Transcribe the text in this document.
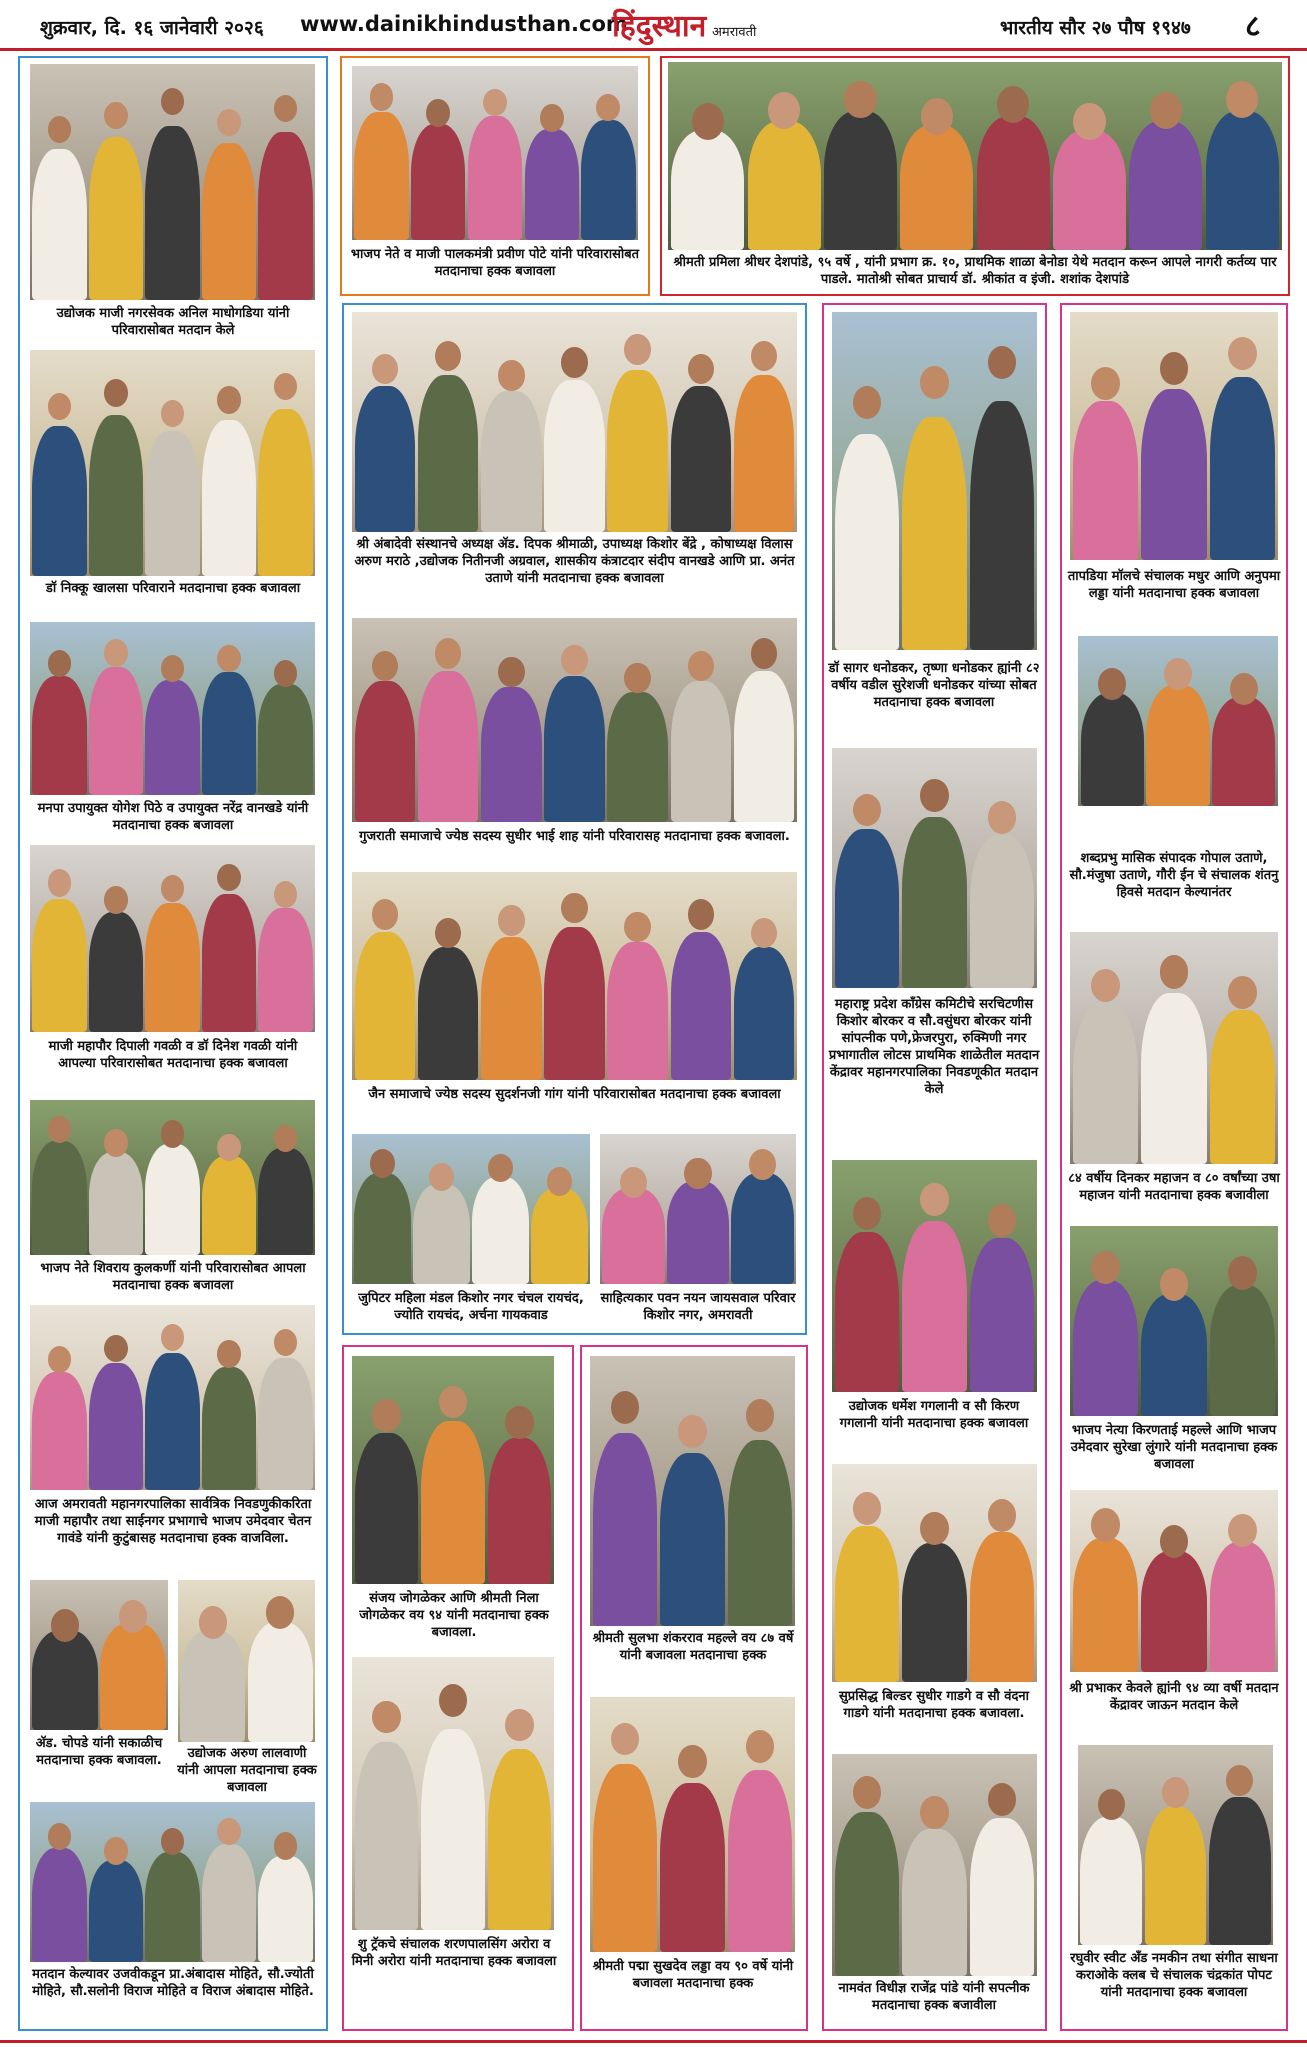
शुक्रवार, दि. १६ जानेवारी २०२६ www.dainikhindusthan.com
हिंदुस्थान अमरावती	भारतीय सौर २७ पौष १९४७ ८
उद्योजक माजी नगरसेवक अनिल माधोगडिया यांनी परिवारासोबत मतदान केले
डॉ निक्कू खालसा परिवाराने मतदानाचा हक्क बजावला
मनपा उपायुक्त योगेश पिठे व उपायुक्त नरेंद्र वानखडे यांनी मतदानाचा हक्क बजावला
माजी महापौर दिपाली गवळी व डॉ दिनेश गवळी यांनी आपल्या परिवारासोबत मतदानाचा हक्क बजावला
भाजप नेते शिवराय कुलकर्णी यांनी परिवारासोबत आपला मतदानाचा हक्क बजावला
आज अमरावती महानगरपालिका सार्वत्रिक निवडणुकीकरिता माजी महापौर तथा साईनगर प्रभागाचे भाजप उमेदवार चेतन गावंडे यांनी कुटुंबासह मतदानाचा हक्क वाजविला.
ॲड. चोपडे यांनी सकाळीच मतदानाचा हक्क बजावला.	उद्योजक अरुण लालवाणी यांनी आपला मतदानाचा हक्क बजावला
मतदान केल्यावर उजवीकडून प्रा.अंबादास मोहिते, सौ.ज्योती मोहिते, सौ.सलोनी विराज मोहिते व विराज अंबादास मोहिते.
भाजप नेते व माजी पालकमंत्री प्रवीण पोटे यांनी परिवारासोबत मतदानाचा हक्क बजावला
श्रीमती प्रमिला श्रीधर देशपांडे, ९५ वर्षे , यांनी प्रभाग क्र. १०, प्राथमिक शाळा बेनोडा येथे मतदान करून आपले नागरी कर्तव्य पार पाडले. मातोश्री सोबत प्राचार्य डॉ. श्रीकांत व इंजी. शशांक देशपांडे
श्री अंबादेवी संस्थानचे अध्यक्ष ॲड. दिपक श्रीमाळी, उपाध्यक्ष किशोर बेंद्रे , कोषाध्यक्ष विलास अरुण मराठे ,उद्योजक नितीनजी अग्रवाल, शासकीय कंत्राटदार संदीप वानखडे आणि प्रा. अनंत उताणे यांनी मतदानाचा हक्क बजावला
गुजराती समाजाचे ज्येष्ठ सदस्य सुधीर भाई शाह यांनी परिवारासह मतदानाचा हक्क बजावला.
जैन समाजाचे ज्येष्ठ सदस्य सुदर्शनजी गांग यांनी परिवारासोबत मतदानाचा हक्क बजावला
जुपिटर महिला मंडल किशोर नगर चंचल रायचंद, ज्योति रायचंद, अर्चना गायकवाड
साहित्यकार पवन नयन जायसवाल परिवार किशोर नगर, अमरावती
संजय जोगळेकर आणि श्रीमती निला जोगळेकर वय ९४ यांनी मतदानाचा हक्क बजावला.
शु ट्रॅकचे संचालक शरणपालसिंग अरोरा व मिनी अरोरा यांनी मतदानाचा हक्क बजावला
श्रीमती सुलभा शंकरराव महल्ले वय ८७ वर्षे यांनी बजावला मतदानाचा हक्क
श्रीमती पद्मा सुखदेव लड्डा वय ९० वर्षे यांनी बजावला मतदानाचा हक्क
डॉ सागर धनोडकर, तृष्णा धनोडकर ह्यांनी ८२ वर्षीय वडील सुरेशजी धनोडकर यांच्या सोबत मतदानाचा हक्क बजावला
महाराष्ट्र प्रदेश कॉंग्रेस कमिटीचे सरचिटणीस किशोर बोरकर व सौ.वसुंधरा बोरकर यांनी सांपत्नीक पणे,फ्रेजरपुरा, रुक्मिणी नगर प्रभागातील लोटस प्राथमिक शाळेतील मतदान केंद्रावर महानगरपालिका निवडणूकीत मतदान केले
उद्योजक धर्मेश गगलानी व सौ किरण गगलानी यांनी मतदानाचा हक्क बजावला
सुप्रसिद्ध बिल्डर सुधीर गाडगे व सौ वंदना गाडगे यांनी मतदानाचा हक्क बजावला.
नामवंत विधीज्ञ राजेंद्र पांडे यांनी सपत्नीक मतदानाचा हक्क बजावीला
तापडिया मॉलचे संचालक मधुर आणि अनुपमा लड्डा यांनी मतदानाचा हक्क बजावला
शब्दप्रभु मासिक संपादक गोपाल उताणे, सौ.मंजुषा उताणे, गौरी ईन चे संचालक शंतनु हिवसे मतदान केल्यानंतर
८४ वर्षीय दिनकर महाजन व ८० वर्षांच्या उषा महाजन यांनी मतदानाचा हक्क बजावीला
भाजप नेत्या किरणताई महल्ले आणि भाजप उमेदवार सुरेखा लुंगारे यांनी मतदानाचा हक्क बजावला
श्री प्रभाकर केवले ह्यांनी ९४ व्या वर्षी मतदान केंद्रावर जाऊन मतदान केले
रघुवीर स्वीट अँड नमकीन तथा संगीत साधना कराओके क्लब चे संचालक चंद्रकांत पोपट यांनी मतदानाचा हक्क बजावला
